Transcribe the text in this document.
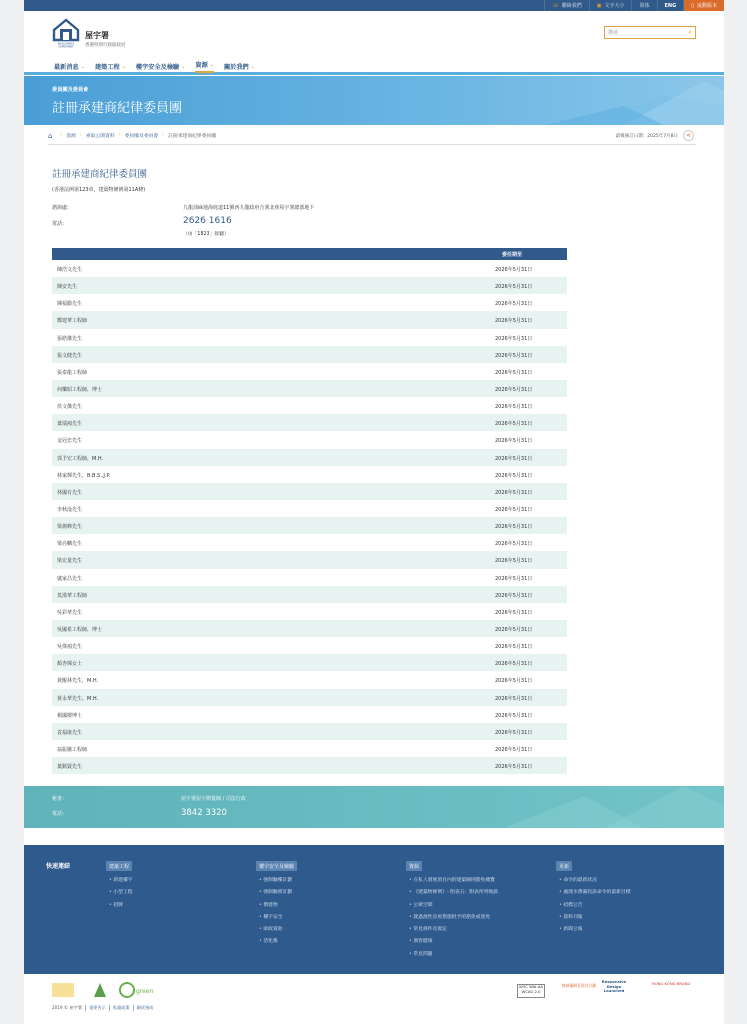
☏ 聯絡我們	▣ 文字大小	简体	ENG	▯ 流動版本
BUILDINGS
DEPARTMENT
屋宇署
香港特別行政區政府
搜尋	⌕
最新消息 ⌄ 建築工程 ⌄ 樓宇安全及檢驗 ⌄ 資源 ⌄ 關於我們 ⌄
委員團及委員會
註冊承建商紀律委員團
⌂ › 資源 › 索取公開資料 › 委員團及委員會 › 註冊承建商紀律委員團	最後修訂日期：2025年7月8日	⋖
註冊承建商紀律委員團
(香港法例第123章，建築物條例第11A條)
諮詢處：	九龍油麻地海庭道11號西九龍政府合署北座屋宇署總部地下
電話：	2626 1616
（由「1823」接聽）
委任期至
陳浩文先生	2026年5月31日
陳安先生	2026年5月31日
陳福勤先生	2026年5月31日
鄭建華工程師	2026年5月31日
張皓傑先生	2026年5月31日
張文健先生	2026年5月31日
張泰龍工程師	2026年5月31日
何樂昭工程師，博士	2026年5月31日
侯文傑先生	2026年5月31日
葉瑞鴻先生	2026年5月31日
金冠忠先生	2026年5月31日
郭予宏工程師，M.H.	2026年5月31日
林家輝先生，B.B.S.,J.P.	2026年5月31日
林國有先生	2026年5月31日
李秋淦先生	2026年5月31日
梁劍峰先生	2026年5月31日
梁亮麟先生	2026年5月31日
梁宏量先生	2026年5月31日
盧家昌先生	2026年5月31日
莫漢華工程師	2026年5月31日
吳彩華先生	2026年5月31日
吳國希工程師，博士	2026年5月31日
吳偉鴻先生	2026年5月31日
顏杏嫦女士	2026年5月31日
黃醒林先生，M.H.	2026年5月31日
黃永華先生，M.H.	2026年5月31日
楊國樑博士	2026年5月31日
袁福康先生	2026年5月31日
翁振騰工程師	2026年5月31日
葉銘賢先生	2026年5月31日
秘書：	屋宇署屋宇測量師 / 司法行政
電話：	3842 3320
快速連結	建築工程
• 新建樓宇
• 小型工程
• 招牌
樓宇安全及檢驗
• 強制驗樓計劃
• 強制驗窗計劃
• 僭建物
• 樓宇安全
• 財政資助
• 活化舊
資源
• 在私人發展項目內的建築圖則豁免總覽
• 《建築物條例》- 附表五：附表所列地區
• 公眾空間
• 就過渡性房屋措施批予的豁免或寬免
• 常見條件及規定
• 康管健康
• 常見問題
更新
• 命令的最新狀況
• 處理水滲漏投訴命令的最新目標
• 招標公告
• 資料刊報
• 新聞公報
green
W3C WAI-AA WCAG 2.0
無障礙網頁嘉許計劃
Responsive Design Launched
HONG KONG BRAND
2019 © 屋宇署	重要告示	私隱政策	網頁指南
